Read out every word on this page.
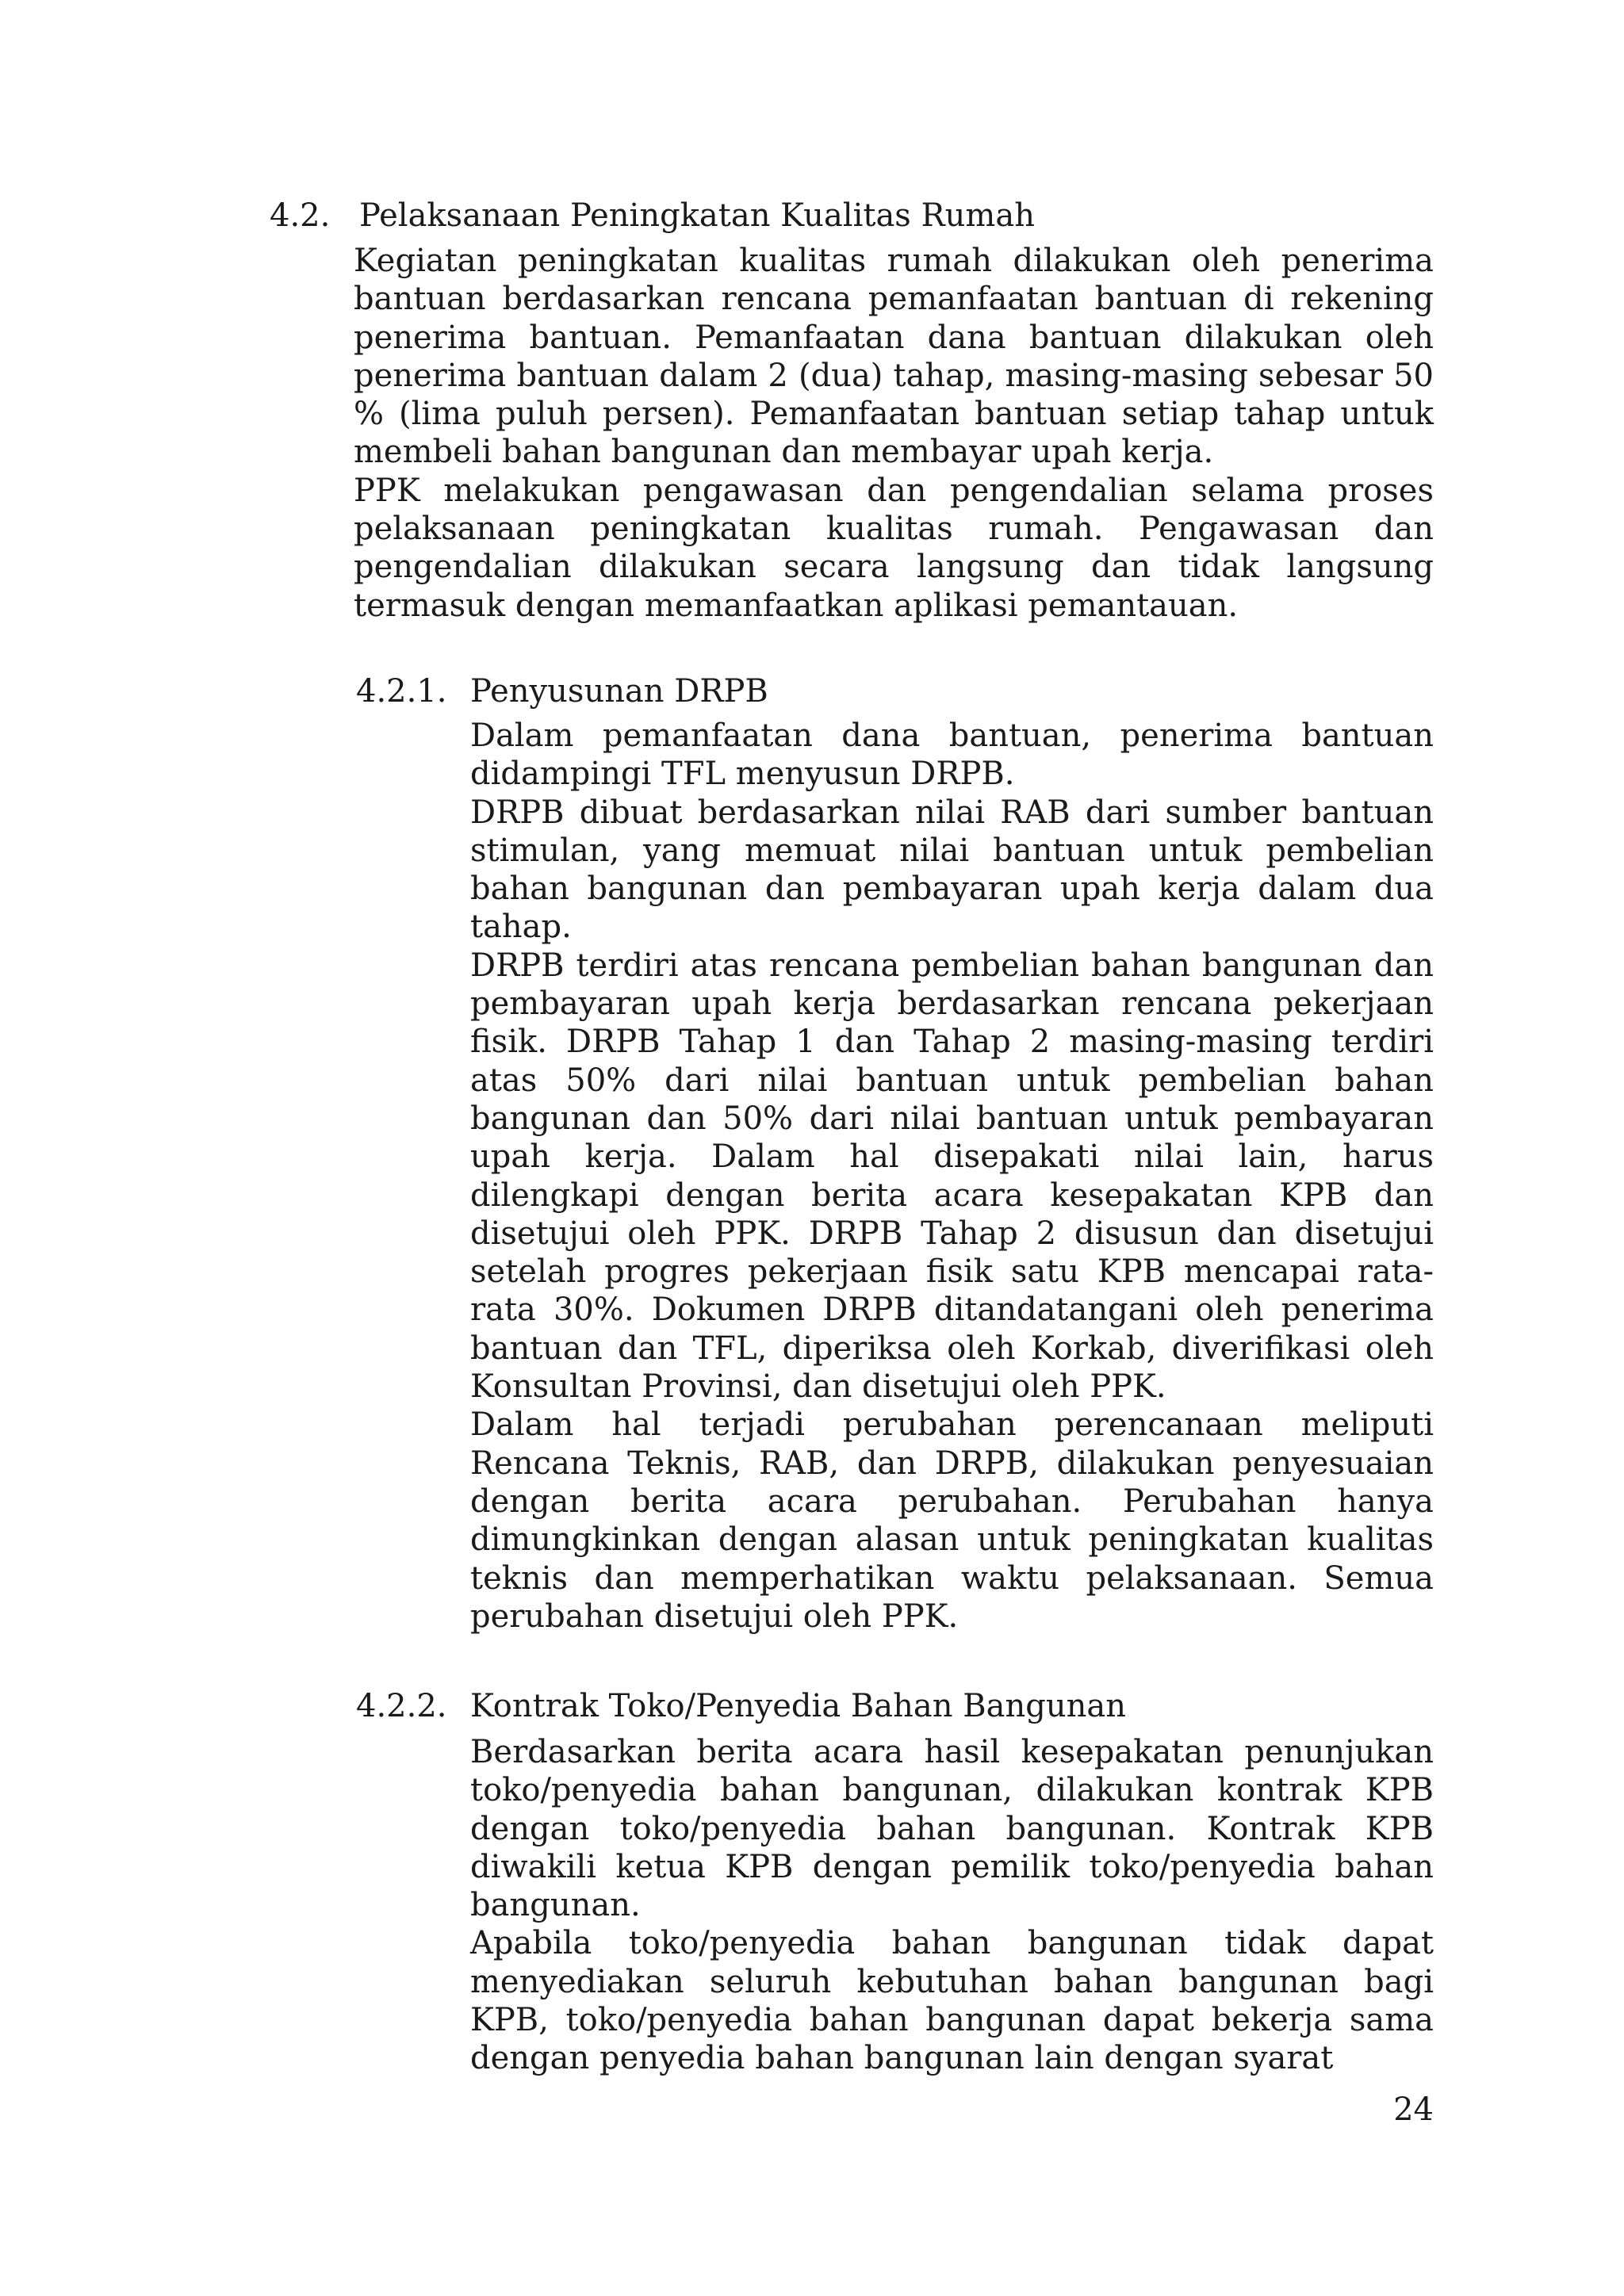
4.2. Pelaksanaan Peningkatan Kualitas Rumah

Kegiatan peningkatan kualitas rumah dilakukan oleh penerima bantuan berdasarkan rencana pemanfaatan bantuan di rekening penerima bantuan. Pemanfaatan dana bantuan dilakukan oleh penerima bantuan dalam 2 (dua) tahap, masing-masing sebesar 50 % (lima puluh persen). Pemanfaatan bantuan setiap tahap untuk membeli bahan bangunan dan membayar upah kerja.

PPK melakukan pengawasan dan pengendalian selama proses pelaksanaan peningkatan kualitas rumah. Pengawasan dan pengendalian dilakukan secara langsung dan tidak langsung termasuk dengan memanfaatkan aplikasi pemantauan.

4.2.1. Penyusunan DRPB

Dalam pemanfaatan dana bantuan, penerima bantuan didampingi TFL menyusun DRPB.

DRPB dibuat berdasarkan nilai RAB dari sumber bantuan stimulan, yang memuat nilai bantuan untuk pembelian bahan bangunan dan pembayaran upah kerja dalam dua tahap.

DRPB terdiri atas rencana pembelian bahan bangunan dan pembayaran upah kerja berdasarkan rencana pekerjaan fisik. DRPB Tahap 1 dan Tahap 2 masing-masing terdiri atas 50% dari nilai bantuan untuk pembelian bahan bangunan dan 50% dari nilai bantuan untuk pembayaran upah kerja. Dalam hal disepakati nilai lain, harus dilengkapi dengan berita acara kesepakatan KPB dan disetujui oleh PPK. DRPB Tahap 2 disusun dan disetujui setelah progres pekerjaan fisik satu KPB mencapai rata-rata 30%. Dokumen DRPB ditandatangani oleh penerima bantuan dan TFL, diperiksa oleh Korkab, diverifikasi oleh Konsultan Provinsi, dan disetujui oleh PPK.

Dalam hal terjadi perubahan perencanaan meliputi Rencana Teknis, RAB, dan DRPB, dilakukan penyesuaian dengan berita acara perubahan. Perubahan hanya dimungkinkan dengan alasan untuk peningkatan kualitas teknis dan memperhatikan waktu pelaksanaan. Semua perubahan disetujui oleh PPK.

4.2.2. Kontrak Toko/Penyedia Bahan Bangunan

Berdasarkan berita acara hasil kesepakatan penunjukan toko/penyedia bahan bangunan, dilakukan kontrak KPB dengan toko/penyedia bahan bangunan. Kontrak KPB diwakili ketua KPB dengan pemilik toko/penyedia bahan bangunan.

Apabila toko/penyedia bahan bangunan tidak dapat menyediakan seluruh kebutuhan bahan bangunan bagi KPB, toko/penyedia bahan bangunan dapat bekerja sama dengan penyedia bahan bangunan lain dengan syarat

24
